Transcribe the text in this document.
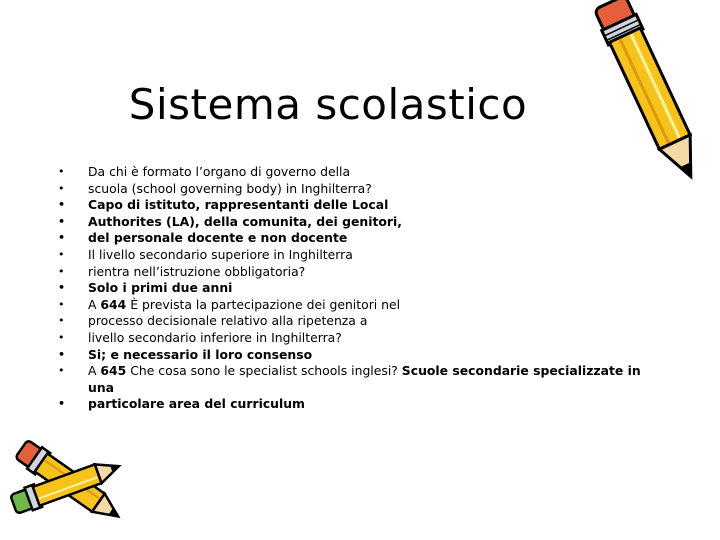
Sistema scolastico
• Da chi è formato l’organo di governo della
• scuola (school governing body) in Inghilterra?
• Capo di istituto, rappresentanti delle Local
• Authorites (LA), della comunita, dei genitori,
• del personale docente e non docente
• Il livello secondario superiore in Inghilterra
• rientra nell’istruzione obbligatoria?
• Solo i primi due anni
• A 644 È prevista la partecipazione dei genitori nel
• processo decisionale relativo alla ripetenza a
• livello secondario inferiore in Inghilterra?
• Si; e necessario il loro consenso
• A 645 Che cosa sono le specialist schools inglesi? Scuole secondarie specializzate in una
• particolare area del curriculum
